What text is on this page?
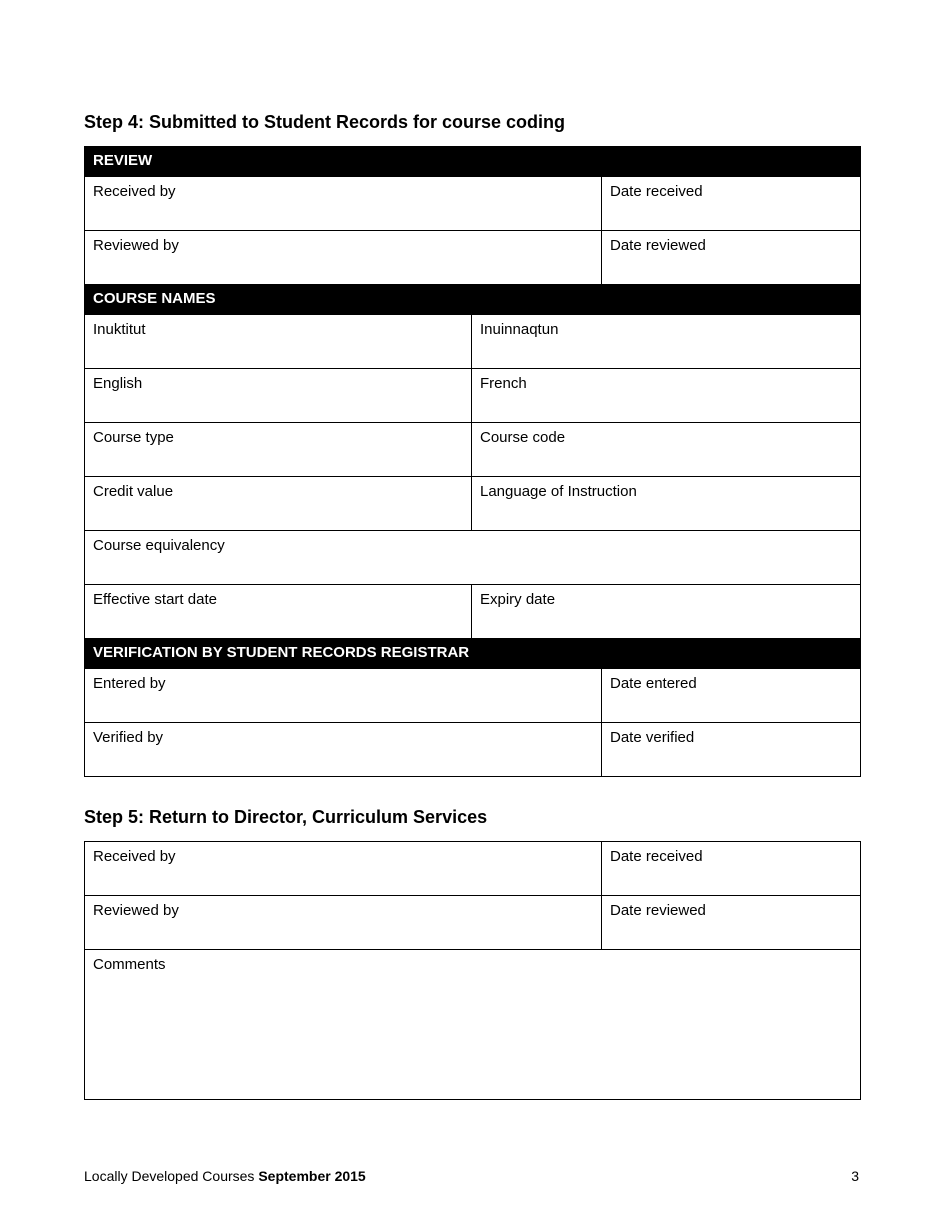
Step 4: Submitted to Student Records for course coding
REVIEW		
Received by		Date received
Reviewed by		Date reviewed
COURSE NAMES		
Inuktitut	Inuinnaqtun	
English	French	
Course type	Course code	
Credit value	Language of Instruction	
Course equivalency		
Effective start date	Expiry date	
VERIFICATION BY STUDENT RECORDS REGISTRAR		
Entered by		Date entered
Verified by		Date verified
Step 5: Return to Director, Curriculum Services
Received by	Date received
Reviewed by	Date reviewed
Comments	
Locally Developed Courses September 2015	3
